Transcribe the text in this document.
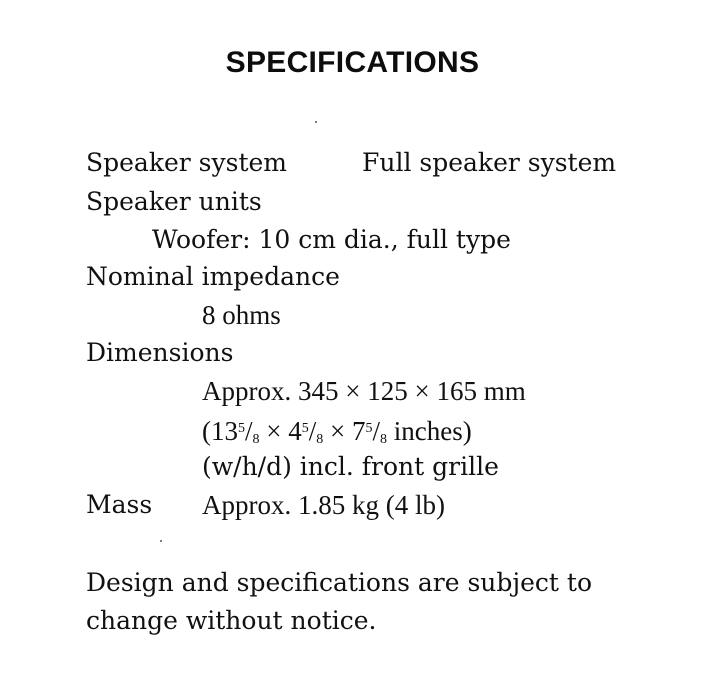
SPECIFICATIONS
Speaker system	Full speaker system
Speaker units
Woofer: 10 cm dia., full type
Nominal impedance
8 ohms
Dimensions
Approx. 345 × 125 × 165 mm
($13^5/8 \times 4^5/8 \times 7^5/8$ inches)
(w/h/d) incl. front grille
Mass Approx. 1.85 kg (4 lb)
Design and specifications are subject to
change without notice.
